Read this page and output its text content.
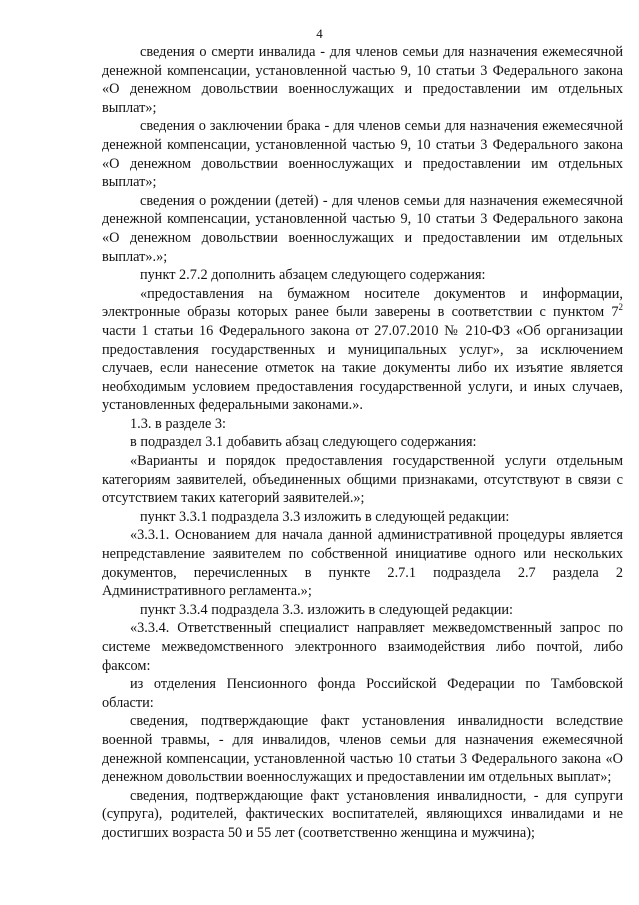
4

сведения о смерти инвалида - для членов семьи для назначения ежемесячной денежной компенсации, установленной частью 9, 10 статьи 3 Федерального закона «О денежном довольствии военнослужащих и предоставлении им отдельных выплат»;

сведения о заключении брака - для членов семьи для назначения ежемесячной денежной компенсации, установленной частью 9, 10 статьи 3 Федерального закона «О денежном довольствии военнослужащих и предоставлении им отдельных выплат»;

сведения о рождении (детей) - для членов семьи для назначения ежемесячной денежной компенсации, установленной частью 9, 10 статьи 3 Федерального закона «О денежном довольствии военнослужащих и предоставлении им отдельных выплат».»;

пункт 2.7.2 дополнить абзацем следующего содержания:

«предоставления на бумажном носителе документов и информации, электронные образы которых ранее были заверены в соответствии с пунктом $7^2$ части 1 статьи 16 Федерального закона от 27.07.2010 № 210-ФЗ «Об организации предоставления государственных и муниципальных услуг», за исключением случаев, если нанесение отметок на такие документы либо их изъятие является необходимым условием предоставления государственной услуги, и иных случаев, установленных федеральными законами.».

1.3. в разделе 3:

в подраздел 3.1 добавить абзац следующего содержания:

«Варианты и порядок предоставления государственной услуги отдельным категориям заявителей, объединенных общими признаками, отсутствуют в связи с отсутствием таких категорий заявителей.»;

пункт 3.3.1 подраздела 3.3 изложить в следующей редакции:

«3.3.1. Основанием для начала данной административной процедуры является непредставление заявителем по собственной инициативе одного или нескольких документов, перечисленных в пункте 2.7.1 подраздела 2.7 раздела 2 Административного регламента.»;

пункт 3.3.4 подраздела 3.3. изложить в следующей редакции:

«3.3.4. Ответственный специалист направляет межведомственный запрос по системе межведомственного электронного взаимодействия либо почтой, либо факсом:

из отделения Пенсионного фонда Российской Федерации по Тамбовской области:

сведения, подтверждающие факт установления инвалидности вследствие военной травмы, - для инвалидов, членов семьи для назначения ежемесячной денежной компенсации, установленной частью 10 статьи 3 Федерального закона «О денежном довольствии военнослужащих и предоставлении им отдельных выплат»;

сведения, подтверждающие факт установления инвалидности, - для супруги (супруга), родителей, фактических воспитателей, являющихся инвалидами и не достигших возраста 50 и 55 лет (соответственно женщина и мужчина);
